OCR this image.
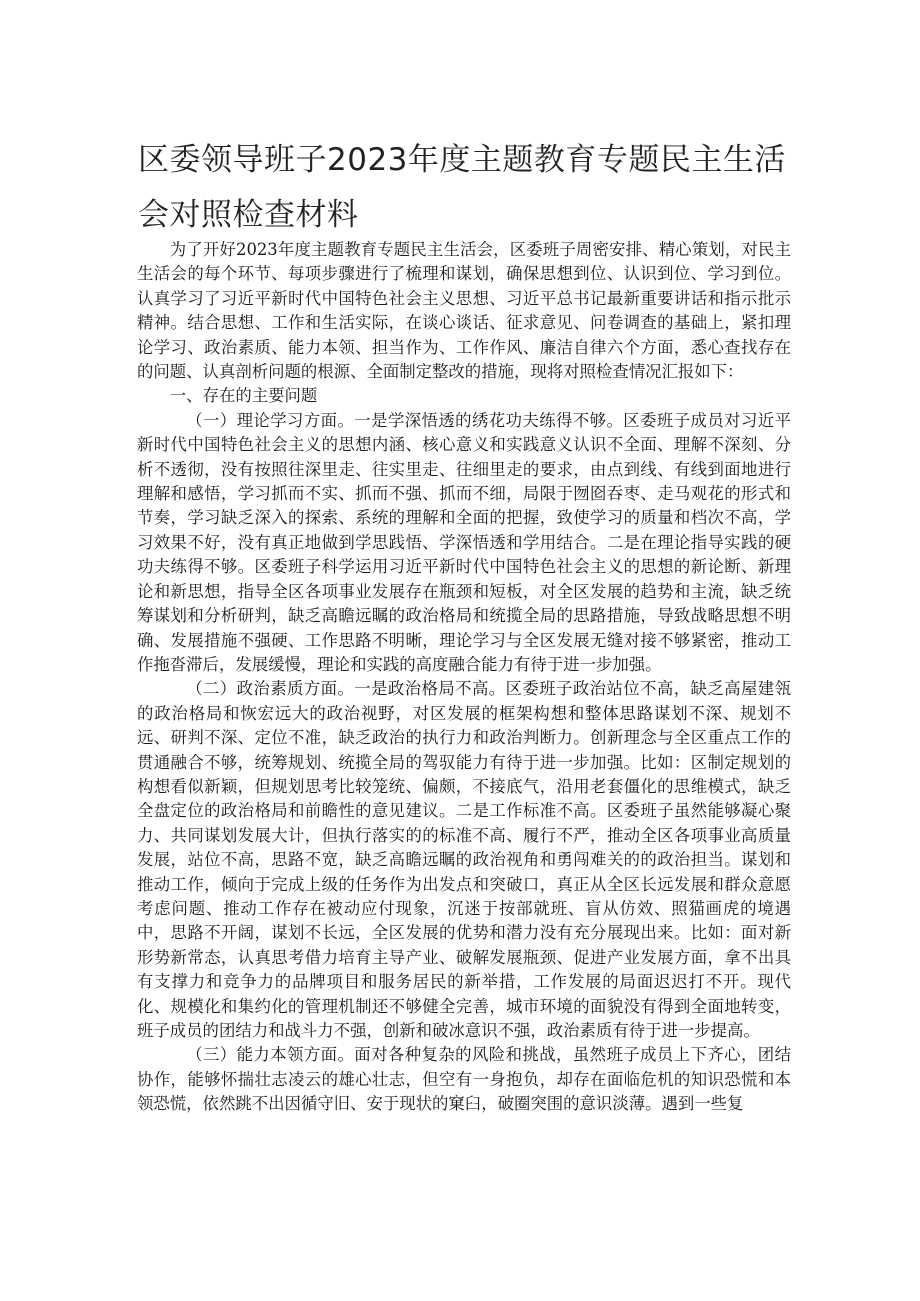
区委领导班子2023年度主题教育专题民主生活会对照检查材料

为了开好2023年度主题教育专题民主生活会，区委班子周密安排、精心策划，对民主生活会的每个环节、每项步骤进行了梳理和谋划，确保思想到位、认识到位、学习到位。认真学习了习近平新时代中国特色社会主义思想、习近平总书记最新重要讲话和指示批示精神。结合思想、工作和生活实际，在谈心谈话、征求意见、问卷调查的基础上，紧扣理论学习、政治素质、能力本领、担当作为、工作作风、廉洁自律六个方面，悉心查找存在的问题、认真剖析问题的根源、全面制定整改的措施，现将对照检查情况汇报如下：

一、存在的主要问题

（一）理论学习方面。一是学深悟透的绣花功夫练得不够。区委班子成员对习近平新时代中国特色社会主义的思想内涵、核心意义和实践意义认识不全面、理解不深刻、分析不透彻，没有按照往深里走、往实里走、往细里走的要求，由点到线、有线到面地进行理解和感悟，学习抓而不实、抓而不强、抓而不细，局限于囫囵吞枣、走马观花的形式和节奏，学习缺乏深入的探索、系统的理解和全面的把握，致使学习的质量和档次不高，学习效果不好，没有真正地做到学思践悟、学深悟透和学用结合。二是在理论指导实践的硬功夫练得不够。区委班子科学运用习近平新时代中国特色社会主义的思想的新论断、新理论和新思想，指导全区各项事业发展存在瓶颈和短板，对全区发展的趋势和主流，缺乏统筹谋划和分析研判，缺乏高瞻远瞩的政治格局和统揽全局的思路措施，导致战略思想不明确、发展措施不强硬、工作思路不明晰，理论学习与全区发展无缝对接不够紧密，推动工作拖沓滞后，发展缓慢，理论和实践的高度融合能力有待于进一步加强。

（二）政治素质方面。一是政治格局不高。区委班子政治站位不高，缺乏高屋建瓴的政治格局和恢宏远大的政治视野，对区发展的框架构想和整体思路谋划不深、规划不远、研判不深、定位不准，缺乏政治的执行力和政治判断力。创新理念与全区重点工作的贯通融合不够，统筹规划、统揽全局的驾驭能力有待于进一步加强。比如：区制定规划的构想看似新颖，但规划思考比较笼统、偏颇，不接底气，沿用老套僵化的思维模式，缺乏全盘定位的政治格局和前瞻性的意见建议。二是工作标准不高。区委班子虽然能够凝心聚力、共同谋划发展大计，但执行落实的的标准不高、履行不严，推动全区各项事业高质量发展，站位不高，思路不宽，缺乏高瞻远瞩的政治视角和勇闯难关的的政治担当。谋划和推动工作，倾向于完成上级的任务作为出发点和突破口，真正从全区长远发展和群众意愿考虑问题、推动工作存在被动应付现象，沉迷于按部就班、盲从仿效、照猫画虎的境遇中，思路不开阔，谋划不长远，全区发展的优势和潜力没有充分展现出来。比如：面对新形势新常态，认真思考借力培育主导产业、破解发展瓶颈、促进产业发展方面，拿不出具有支撑力和竞争力的品牌项目和服务居民的新举措，工作发展的局面迟迟打不开。现代化、规模化和集约化的管理机制还不够健全完善，城市环境的面貌没有得到全面地转变，班子成员的团结力和战斗力不强，创新和破冰意识不强，政治素质有待于进一步提高。

（三）能力本领方面。面对各种复杂的风险和挑战，虽然班子成员上下齐心，团结协作，能够怀揣壮志凌云的雄心壮志，但空有一身抱负，却存在面临危机的知识恐慌和本领恐慌，依然跳不出因循守旧、安于现状的窠臼，破圈突围的意识淡薄。遇到一些复
